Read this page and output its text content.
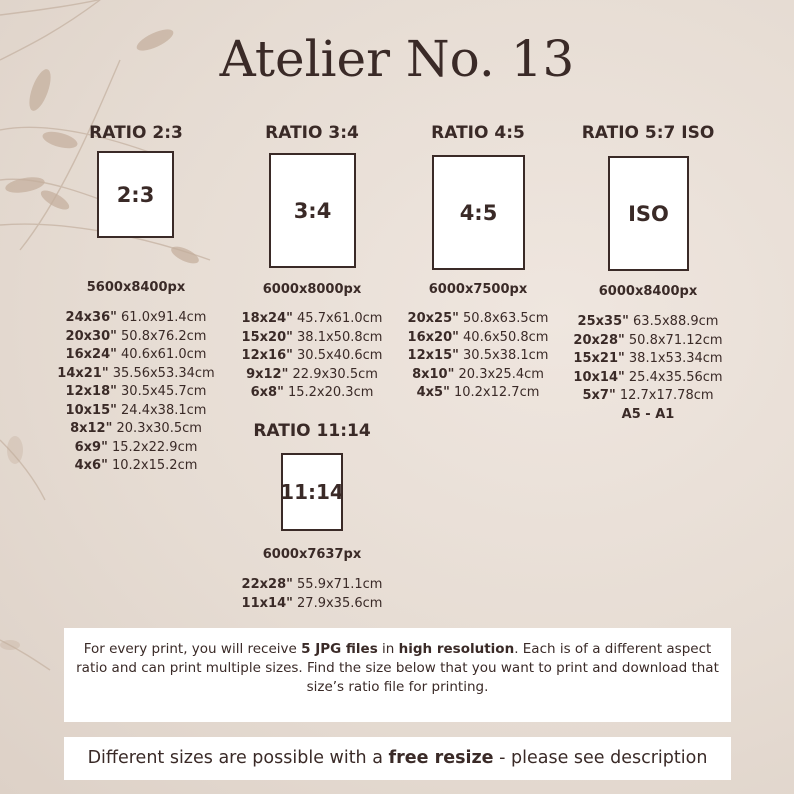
Atelier No. 13
RATIO 2:3
2:3
5600x8400px
24x36" 61.0x91.4cm
20x30" 50.8x76.2cm
16x24" 40.6x61.0cm
14x21" 35.56x53.34cm
12x18" 30.5x45.7cm
10x15" 24.4x38.1cm
8x12" 20.3x30.5cm
6x9" 15.2x22.9cm
4x6" 10.2x15.2cm
RATIO 3:4
3:4
6000x8000px
18x24" 45.7x61.0cm
15x20" 38.1x50.8cm
12x16" 30.5x40.6cm
9x12" 22.9x30.5cm
6x8" 15.2x20.3cm
RATIO 4:5
4:5
6000x7500px
20x25" 50.8x63.5cm
16x20" 40.6x50.8cm
12x15" 30.5x38.1cm
8x10" 20.3x25.4cm
4x5" 10.2x12.7cm
RATIO 5:7 ISO
ISO
6000x8400px
25x35" 63.5x88.9cm
20x28" 50.8x71.12cm
15x21" 38.1x53.34cm
10x14" 25.4x35.56cm
5x7" 12.7x17.78cm
A5 - A1
RATIO 11:14
11:14
6000x7637px
22x28" 55.9x71.1cm
11x14" 27.9x35.6cm
For every print, you will receive 5 JPG files in high resolution. Each is of a different aspect ratio and can print multiple sizes. Find the size below that you want to print and download that size’s ratio file for printing.
Different sizes are possible with a free resize - please see description
